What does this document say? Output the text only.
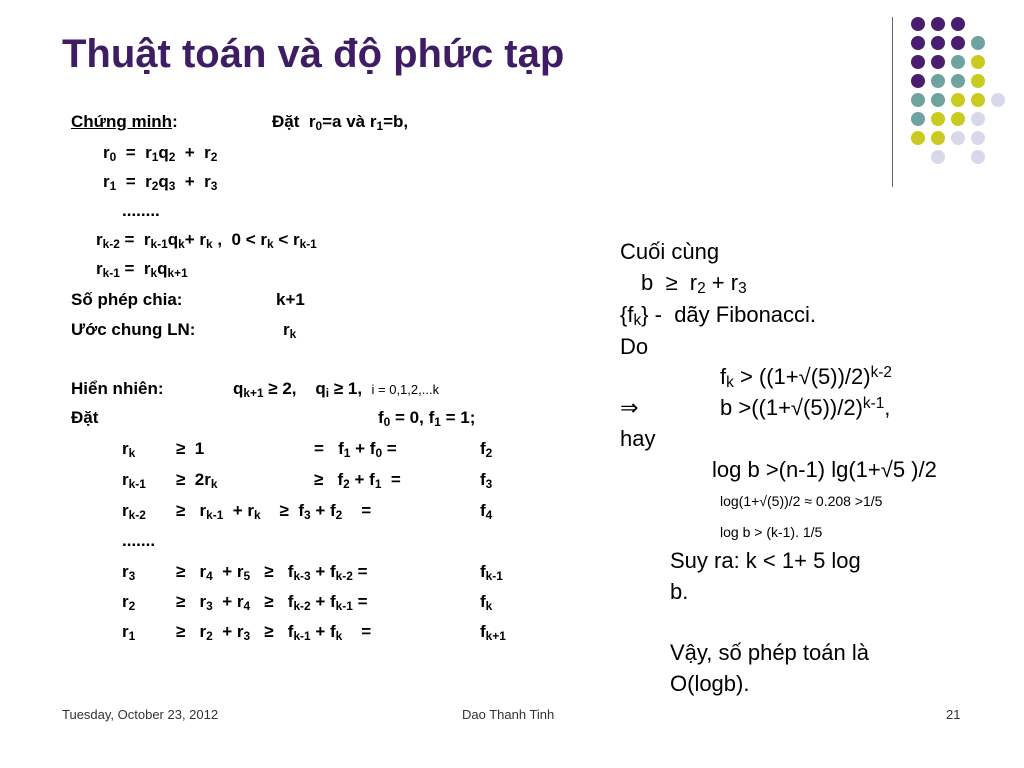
Thuật toán và độ phức tạp
Chứng minh:	Đặt  $r_0=a$ và $r_1=b$,
$r_0 = r_1q_2 + r_2$
$r_1 = r_2q_3 + r_3$
........
$r_{k-2} = r_{k-1}q_k+ r_k$ ,  $0 < r_k < r_{k-1}$
$r_{k-1} = r_kq_{k+1}$
Số phép chia:	k+1
Ước chung LN:	$r_k$
Hiển nhiên:	$q_{k+1} \ge 2$,    $q_i \ge 1$,  i = 0,1,2,...k
Đặt	$f_0 = 0$, $f_1 = 1$;
$r_k \ge 1$	=   $f_1 + f_0$ =	$f_2$
$r_{k-1} \ge 2r_k$	≥   $f_2 + f_1$  =	$f_3$
$r_{k-2} \ge r_{k-1} + r_k$    ≥  $f_3 + f_2$    =	$f_4$
.......
$r_3 \ge r_4 + r_5 \ge f_{k-3} + f_{k-2}$ =	$f_{k-1}$
$r_2 \ge r_3 + r_4 \ge f_{k-2} + f_{k-1}$ =	$f_k$
$r_1 \ge r_2 + r_3 \ge f_{k-1} + f_k$    =	$f_{k+1}$
Cuối cùng
$b \ge r_2 + r_3$
$\{f_k\}$ -  dãy Fibonacci.
Do
$f_k > ((1+√(5))/2)^{k-2}$
⇒	$b >((1+√(5))/2)^{k-1}$,
hay
log b >(n-1) lg(1+√5 )/2
log(1+√(5))/2 ≈ 0.208 >1/5
log b > (k-1). 1/5
Suy ra: k < 1+ 5 log
b.
Vậy, số phép toán là
O(logb).
Tuesday, October 23, 2012	Dao Thanh Tinh	21
